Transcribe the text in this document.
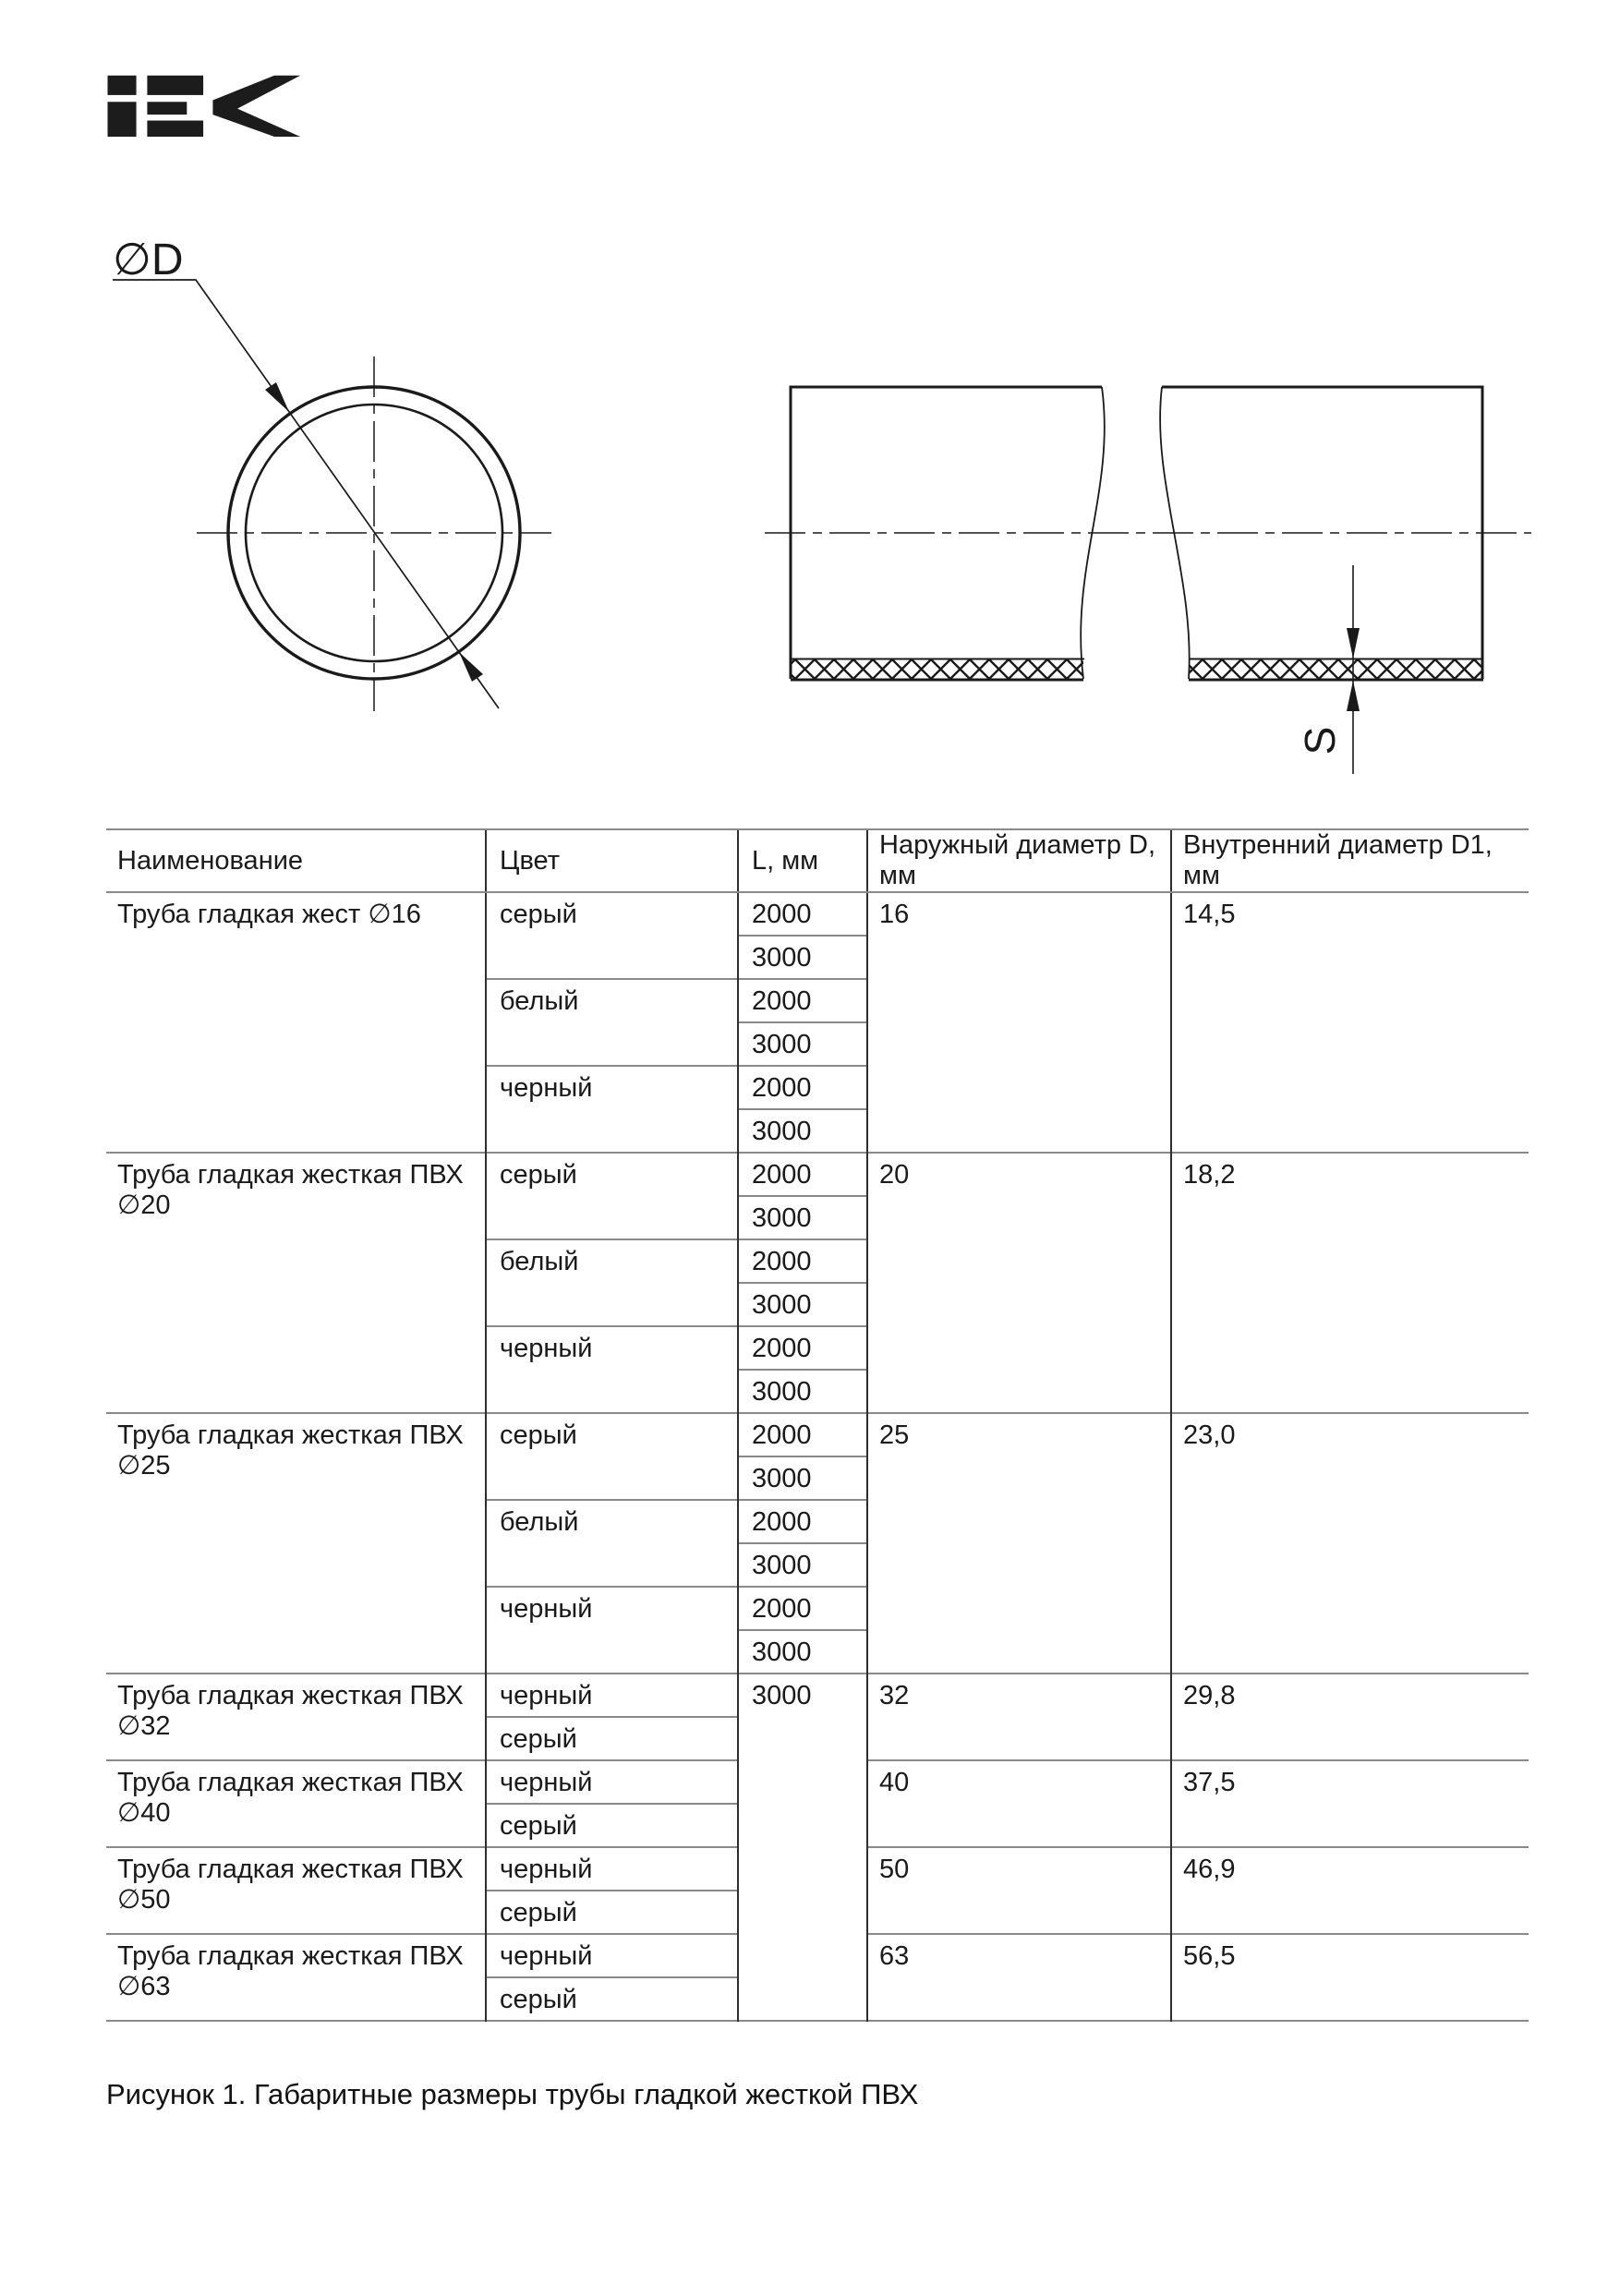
∅D
S
Наименование	Цвет	L, мм	Наружный диаметр D, мм	Внутренний диаметр D1, мм
Труба гладкая жест ∅16	серый	2000	16	14,5
		3000		
	белый	2000		
		3000		
	черный	2000		
		3000		
Труба гладкая жесткая ПВХ ∅20	серый	2000	20	18,2
		3000		
	белый	2000		
		3000		
	черный	2000		
		3000		
Труба гладкая жесткая ПВХ ∅25	серый	2000	25	23,0
		3000		
	белый	2000		
		3000		
	черный	2000		
		3000		
Труба гладкая жесткая ПВХ ∅32	черный	3000	32	29,8
	серый			
Труба гладкая жесткая ПВХ ∅40	черный		40	37,5
	серый			
Труба гладкая жесткая ПВХ ∅50	черный		50	46,9
	серый			
Труба гладкая жесткая ПВХ ∅63	черный		63	56,5
	серый			
Рисунок 1. Габаритные размеры трубы гладкой жесткой ПВХ
